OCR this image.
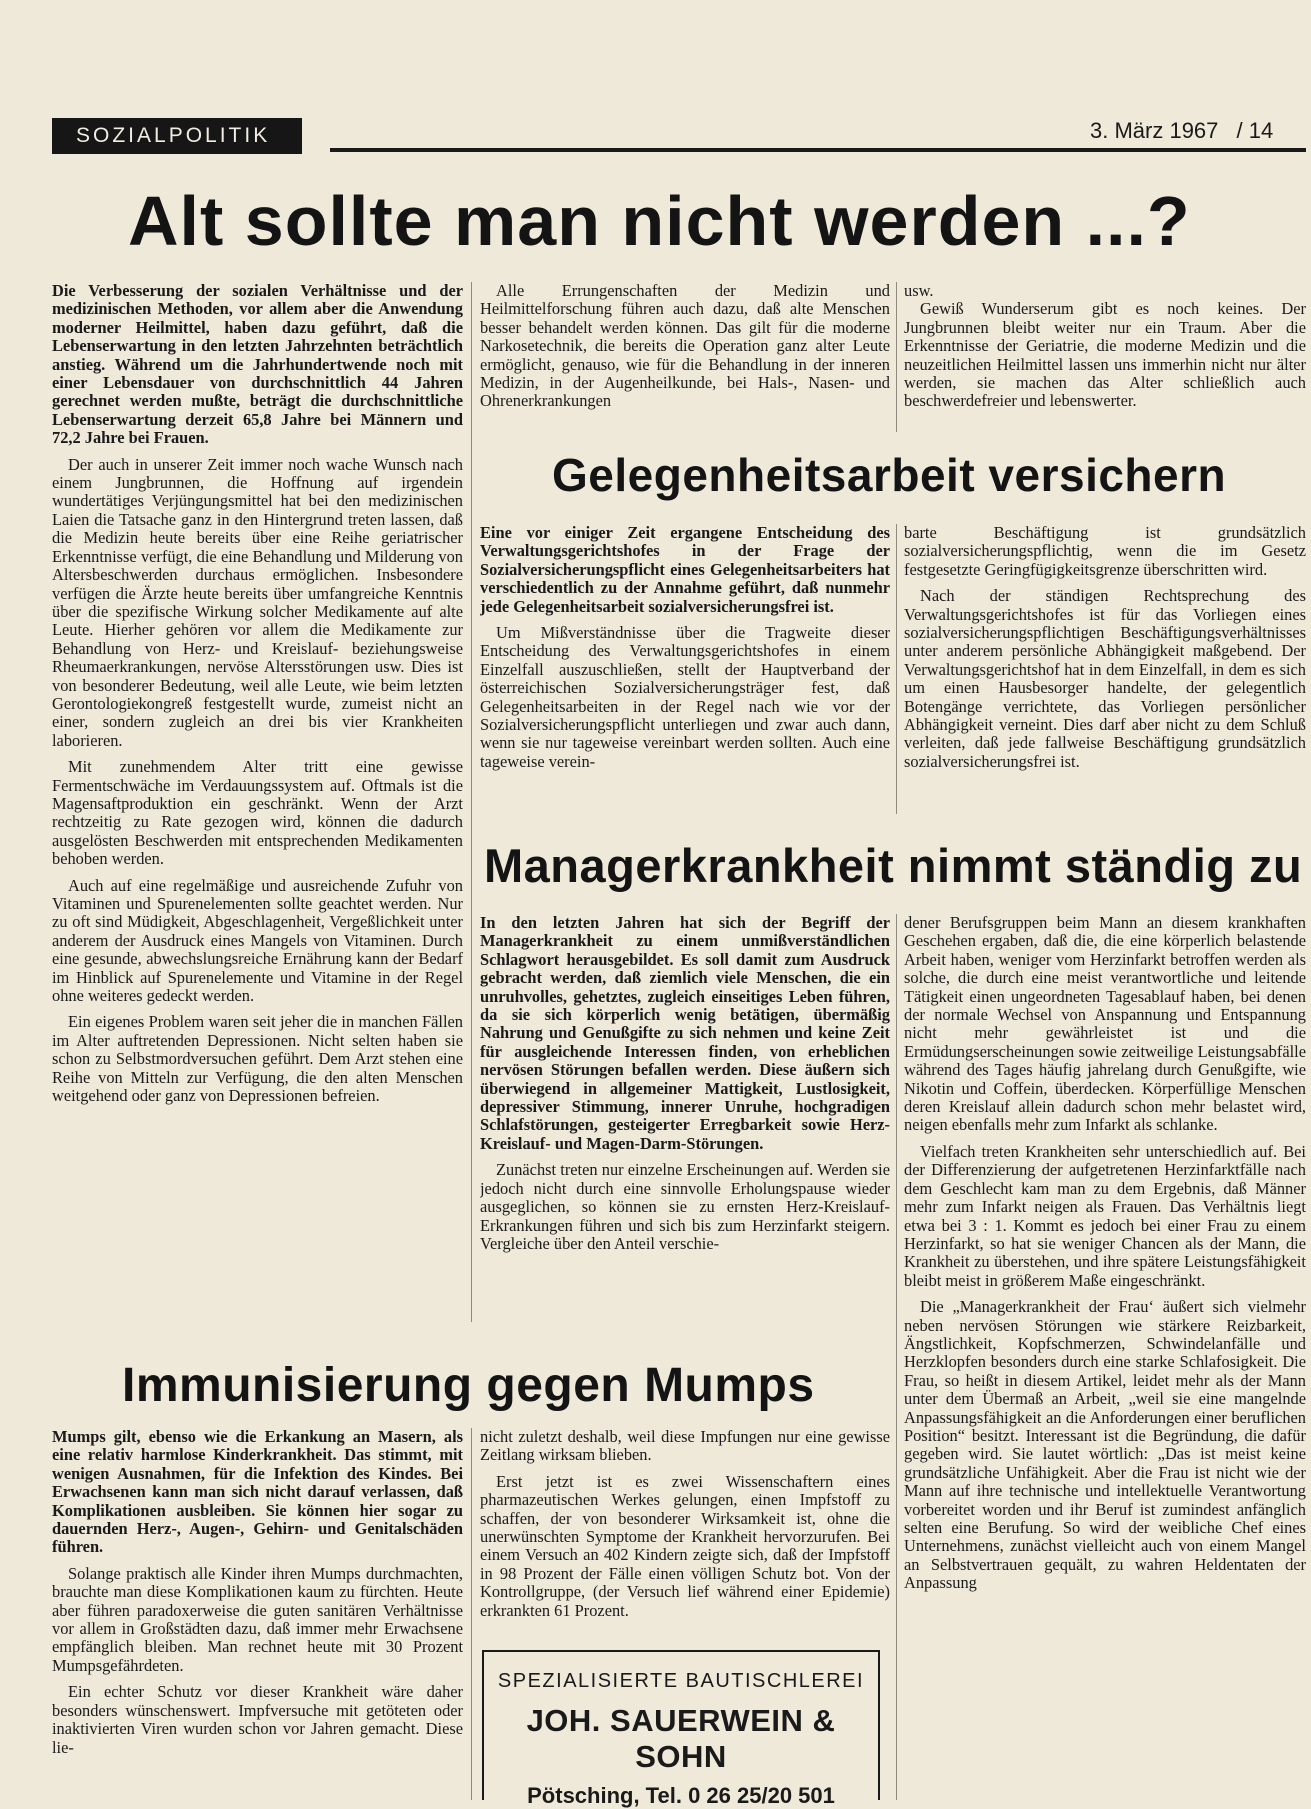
SOZIALPOLITIK	3. März 1967 / 14
Alt sollte man nicht werden ...?

Die Verbesserung der sozialen Verhältnisse und der medizinischen Methoden, vor allem aber die Anwendung moderner Heilmittel, haben dazu geführt, daß die Lebenserwartung in den letzten Jahrzehnten beträchtlich anstieg. Während um die Jahrhundertwende noch mit einer Lebensdauer von durchschnittlich 44 Jahren gerechnet werden mußte, beträgt die durchschnittliche Lebenserwartung derzeit 65,8 Jahre bei Männern und 72,2 Jahre bei Frauen.

Der auch in unserer Zeit immer noch wache Wunsch nach einem Jungbrunnen, die Hoffnung auf irgendein wundertätiges Verjüngungsmittel hat bei den medizinischen Laien die Tatsache ganz in den Hintergrund treten lassen, daß die Medizin heute bereits über eine Reihe geriatrischer Erkenntnisse verfügt, die eine Behandlung und Milderung von Altersbeschwerden durchaus ermöglichen. Insbesondere verfügen die Ärzte heute bereits über umfangreiche Kenntnis über die spezifische Wirkung solcher Medikamente auf alte Leute. Hierher gehören vor allem die Medikamente zur Behandlung von Herz- und Kreislauf- beziehungsweise Rheumaerkrankungen, nervöse Altersstörungen usw. Dies ist von besonderer Bedeutung, weil alle Leute, wie beim letzten Gerontologiekongreß festgestellt wurde, zumeist nicht an einer, sondern zugleich an drei bis vier Krankheiten laborieren.

Mit zunehmendem Alter tritt eine gewisse Fermentschwäche im Verdauungssystem auf. Oftmals ist die Magensaftproduktion ein geschränkt. Wenn der Arzt rechtzeitig zu Rate gezogen wird, können die dadurch ausgelösten Beschwerden mit entsprechenden Medikamenten behoben werden.

Auch auf eine regelmäßige und ausreichende Zufuhr von Vitaminen und Spurenelementen sollte geachtet werden. Nur zu oft sind Müdigkeit, Abgeschlagenheit, Vergeßlichkeit unter anderem der Ausdruck eines Mangels von Vitaminen. Durch eine gesunde, abwechslungsreiche Ernährung kann der Bedarf im Hinblick auf Spurenelemente und Vitamine in der Regel ohne weiteres gedeckt werden.

Ein eigenes Problem waren seit jeher die in manchen Fällen im Alter auftretenden Depressionen. Nicht selten haben sie schon zu Selbstmordversuchen geführt. Dem Arzt stehen eine Reihe von Mitteln zur Verfügung, die den alten Menschen weitgehend oder ganz von Depressionen befreien.

Alle Errungenschaften der Medizin und Heilmittelforschung führen auch dazu, daß alte Menschen besser behandelt werden können. Das gilt für die moderne Narkosetechnik, die bereits die Operation ganz alter Leute ermöglicht, genauso, wie für die Behandlung in der inneren Medizin, in der Augenheilkunde, bei Hals-, Nasen- und Ohrenerkrankungen

usw.

Gewiß Wunderserum gibt es noch keines. Der Jungbrunnen bleibt weiter nur ein Traum. Aber die Erkenntnisse der Geriatrie, die moderne Medizin und die neuzeitlichen Heilmittel lassen uns immerhin nicht nur älter werden, sie machen das Alter schließlich auch beschwerdefreier und lebenswerter.

Gelegenheitsarbeit versichern

Eine vor einiger Zeit ergangene Entscheidung des Verwaltungsgerichtshofes in der Frage der Sozialversicherungspflicht eines Gelegenheitsarbeiters hat verschiedentlich zu der Annahme geführt, daß nunmehr jede Gelegenheitsarbeit sozialversicherungsfrei ist.

Um Mißverständnisse über die Tragweite dieser Entscheidung des Verwaltungsgerichtshofes in einem Einzelfall auszuschließen, stellt der Hauptverband der österreichischen Sozialversicherungsträger fest, daß Gelegenheitsarbeiten in der Regel nach wie vor der Sozialversicherungspflicht unterliegen und zwar auch dann, wenn sie nur tageweise vereinbart werden sollten. Auch eine tageweise verein-

barte Beschäftigung ist grundsätzlich sozialversicherungspflichtig, wenn die im Gesetz festgesetzte Geringfügigkeitsgrenze überschritten wird.

Nach der ständigen Rechtsprechung des Verwaltungsgerichtshofes ist für das Vorliegen eines sozialversicherungspflichtigen Beschäftigungsverhältnisses unter anderem persönliche Abhängigkeit maßgebend. Der Verwaltungsgerichtshof hat in dem Einzelfall, in dem es sich um einen Hausbesorger handelte, der gelegentlich Botengänge verrichtete, das Vorliegen persönlicher Abhängigkeit verneint. Dies darf aber nicht zu dem Schluß verleiten, daß jede fallweise Beschäftigung grundsätzlich sozialversicherungsfrei ist.

Managerkrankheit nimmt ständig zu

In den letzten Jahren hat sich der Begriff der Managerkrankheit zu einem unmißverständlichen Schlagwort herausgebildet. Es soll damit zum Ausdruck gebracht werden, daß ziemlich viele Menschen, die ein unruhvolles, gehetztes, zugleich einseitiges Leben führen, da sie sich körperlich wenig betätigen, übermäßig Nahrung und Genußgifte zu sich nehmen und keine Zeit für ausgleichende Interessen finden, von erheblichen nervösen Störungen befallen werden. Diese äußern sich überwiegend in allgemeiner Mattigkeit, Lustlosigkeit, depressiver Stimmung, innerer Unruhe, hochgradigen Schlafstörungen, gesteigerter Erregbarkeit sowie Herz-Kreislauf- und Magen-Darm-Störungen.

Zunächst treten nur einzelne Erscheinungen auf. Werden sie jedoch nicht durch eine sinnvolle Erholungspause wieder ausgeglichen, so können sie zu ernsten Herz-Kreislauf-Erkrankungen führen und sich bis zum Herzinfarkt steigern. Vergleiche über den Anteil verschie-

dener Berufsgruppen beim Mann an diesem krankhaften Geschehen ergaben, daß die, die eine körperlich belastende Arbeit haben, weniger vom Herzinfarkt betroffen werden als solche, die durch eine meist verantwortliche und leitende Tätigkeit einen ungeordneten Tagesablauf haben, bei denen der normale Wechsel von Anspannung und Entspannung nicht mehr gewährleistet ist und die Ermüdungserscheinungen sowie zeitweilige Leistungsabfälle während des Tages häufig jahrelang durch Genußgifte, wie Nikotin und Coffein, überdecken. Körperfüllige Menschen deren Kreislauf allein dadurch schon mehr belastet wird, neigen ebenfalls mehr zum Infarkt als schlanke.

Vielfach treten Krankheiten sehr unterschiedlich auf. Bei der Differenzierung der aufgetretenen Herzinfarktfälle nach dem Geschlecht kam man zu dem Ergebnis, daß Männer mehr zum Infarkt neigen als Frauen. Das Verhältnis liegt etwa bei 3 : 1. Kommt es jedoch bei einer Frau zu einem Herzinfarkt, so hat sie weniger Chancen als der Mann, die Krankheit zu überstehen, und ihre spätere Leistungsfähigkeit bleibt meist in größerem Maße eingeschränkt.

Die „Managerkrankheit der Frau‘ äußert sich vielmehr neben nervösen Störungen wie stärkere Reizbarkeit, Ängstlichkeit, Kopfschmerzen, Schwindelanfälle und Herzklopfen besonders durch eine starke Schlafosigkeit. Die Frau, so heißt in diesem Artikel, leidet mehr als der Mann unter dem Übermaß an Arbeit, „weil sie eine mangelnde Anpassungsfähigkeit an die Anforderungen einer beruflichen Position“ besitzt. Interessant ist die Begründung, die dafür gegeben wird. Sie lautet wörtlich: „Das ist meist keine grundsätzliche Unfähigkeit. Aber die Frau ist nicht wie der Mann auf ihre technische und intellektuelle Verantwortung vorbereitet worden und ihr Beruf ist zumindest anfänglich selten eine Berufung. So wird der weibliche Chef eines Unternehmens, zunächst vielleicht auch von einem Mangel an Selbstvertrauen gequält, zu wahren Heldentaten der Anpassung

Immunisierung gegen Mumps

Mumps gilt, ebenso wie die Erkankung an Masern, als eine relativ harmlose Kinderkrankheit. Das stimmt, mit wenigen Ausnahmen, für die Infektion des Kindes. Bei Erwachsenen kann man sich nicht darauf verlassen, daß Komplikationen ausbleiben. Sie können hier sogar zu dauernden Herz-, Augen-, Gehirn- und Genitalschäden führen.

Solange praktisch alle Kinder ihren Mumps durchmachten, brauchte man diese Komplikationen kaum zu fürchten. Heute aber führen paradoxerweise die guten sanitären Verhältnisse vor allem in Großstädten dazu, daß immer mehr Erwachsene empfänglich bleiben. Man rechnet heute mit 30 Prozent Mumpsgefährdeten.

Ein echter Schutz vor dieser Krankheit wäre daher besonders wünschenswert. Impfversuche mit getöteten oder inaktivierten Viren wurden schon vor Jahren gemacht. Diese lie-

nicht zuletzt deshalb, weil diese Impfungen nur eine gewisse Zeitlang wirksam blieben.

Erst jetzt ist es zwei Wissenschaftern eines pharmazeutischen Werkes gelungen, einen Impfstoff zu schaffen, der von besonderer Wirksamkeit ist, ohne die unerwünschten Symptome der Krankheit hervorzurufen. Bei einem Versuch an 402 Kindern zeigte sich, daß der Impfstoff in 98 Prozent der Fälle einen völligen Schutz bot. Von der Kontrollgruppe, (der Versuch lief während einer Epidemie) erkrankten 61 Prozent.

SPEZIALISIERTE BAUTISCHLEREI
JOH. SAUERWEIN & SOHN
Pötsching, Tel. 0 26 25/20 501
